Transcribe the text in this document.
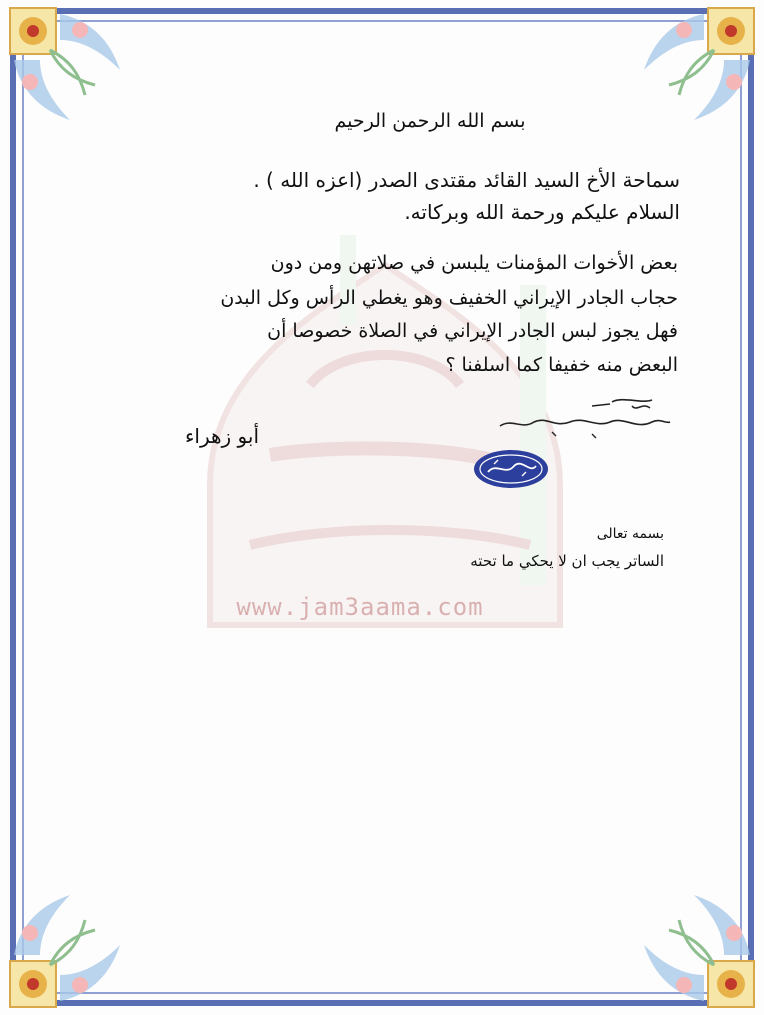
www.jam3aama.com
بسم الله الرحمن الرحيم
سماحة الأخ السيد القائد مقتدى الصدر (اعزه الله ) .
السلام عليكم ورحمة الله وبركاته.
بعض الأخوات المؤمنات يلبسن في صلاتهن ومن دون
حجاب الجادر الإيراني الخفيف وهو يغطي الرأس وكل البدن
فهل يجوز لبس الجادر الإيراني في الصلاة خصوصا أن
البعض منه خفيفا كما اسلفنا ؟
أبو زهراء
بسمه تعالى
الساتر يجب ان لا يحكي ما تحته
